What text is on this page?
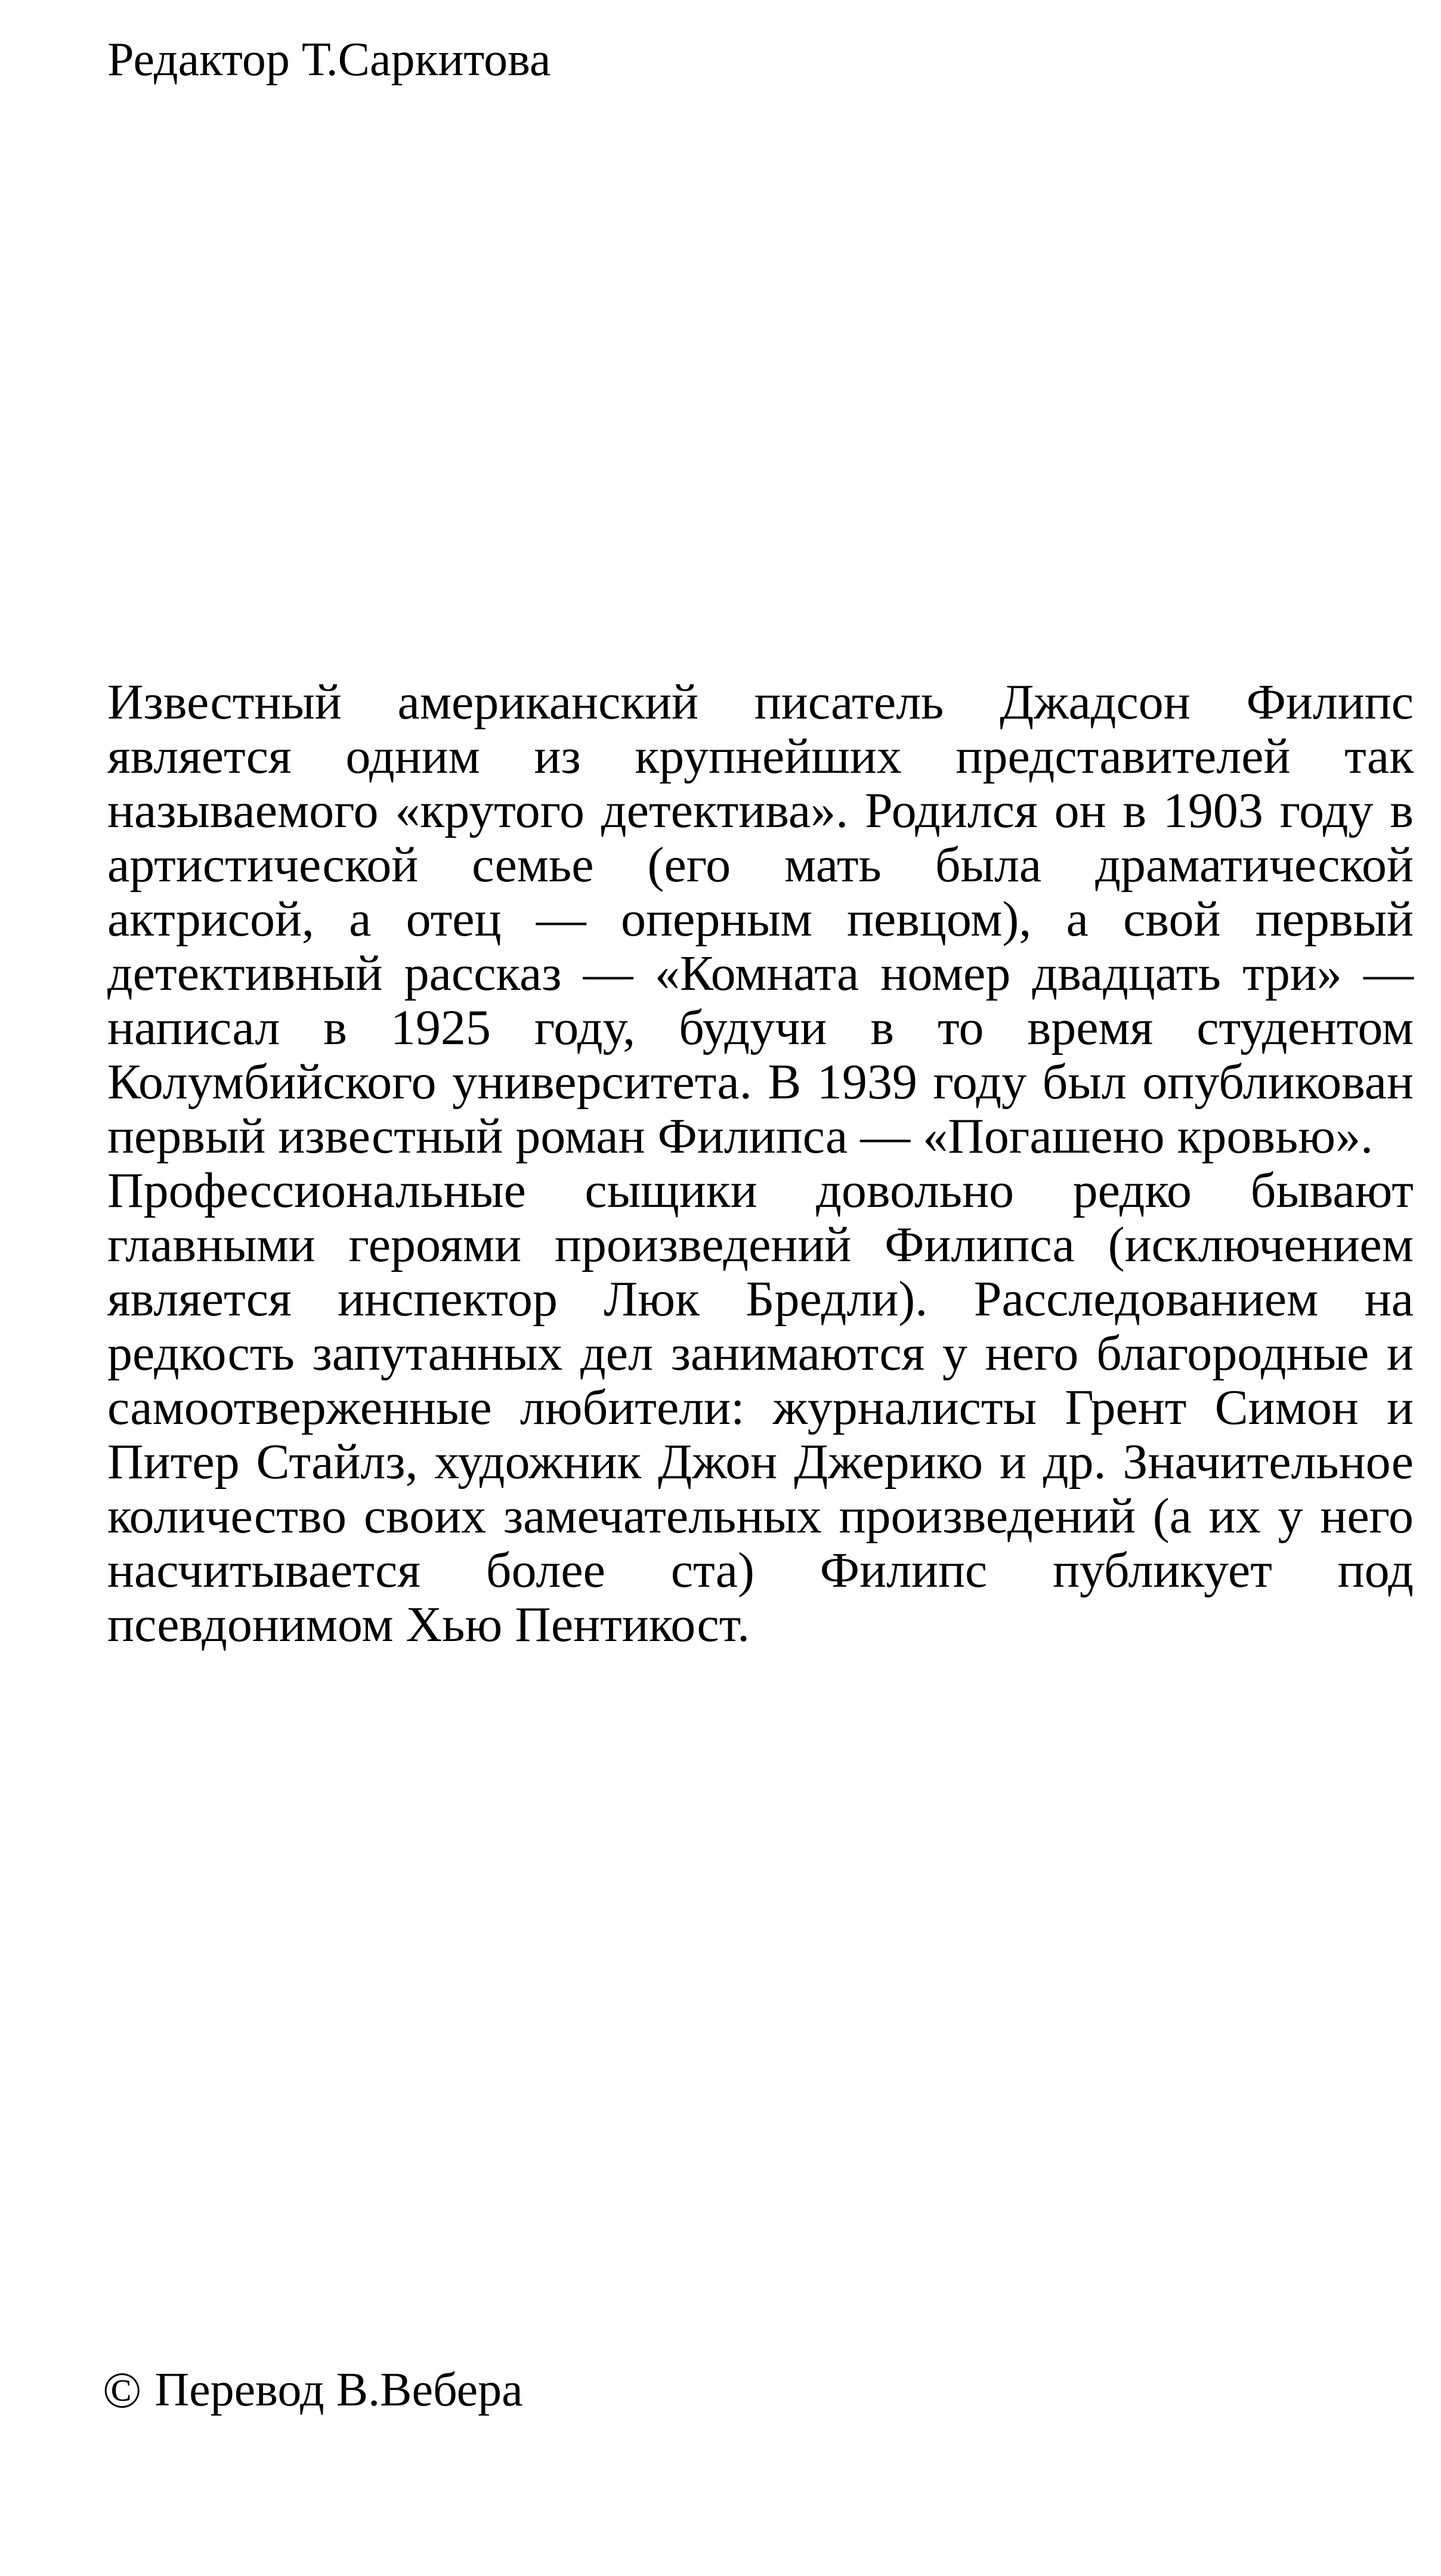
Редактор Т.Саркитова

Известный американский писатель Джадсон Филипс является одним из крупнейших представителей так называемого «крутого детектива». Родился он в 1903 году в артистической семье (его мать была драматической актрисой, а отец — оперным певцом), а свой первый детективный рассказ — «Комната номер двадцать три» — написал в 1925 году, будучи в то время студентом Колумбийского университета. В 1939 году был опубликован первый известный роман Филипса — «Погашено кровью».

Профессиональные сыщики довольно редко бывают главными героями произведений Филипса (исключением является инспектор Люк Бредли). Расследованием на редкость запутанных дел занимаются у него благородные и самоотверженные любители: журналисты Грент Симон и Питер Стайлз, художник Джон Джерико и др. Значительное количество своих замечательных произведений (а их у него насчитывается более ста) Филипс публикует под псевдонимом Хью Пентикост.

© Перевод В.Вебера
